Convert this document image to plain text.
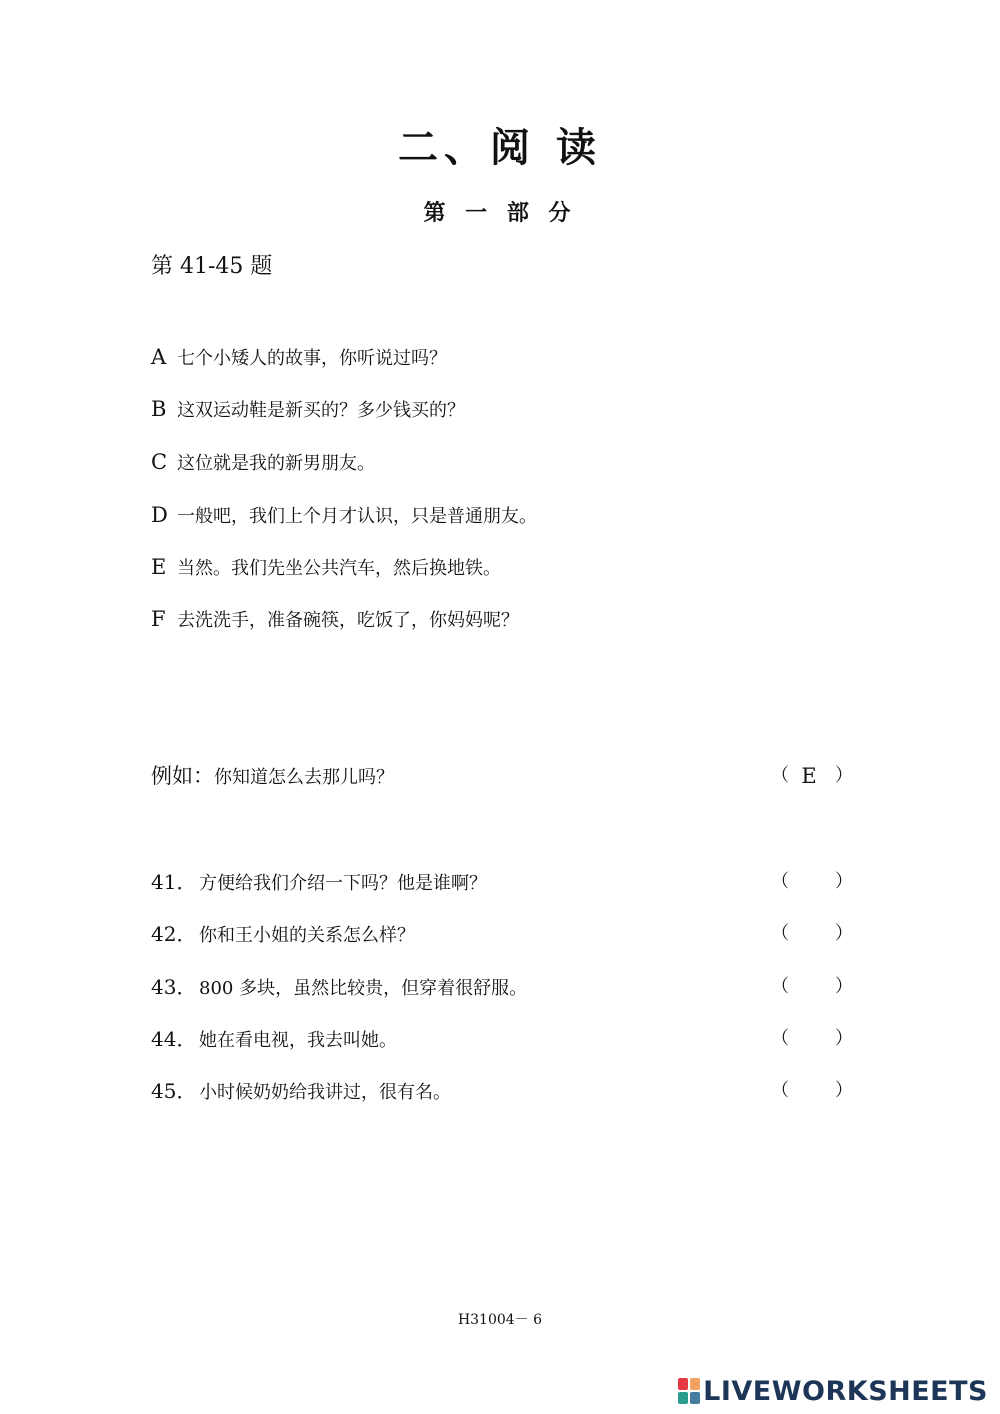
二、阅 读
第 一 部 分
第 41-45 题
A 七个小矮人的故事，你听说过吗？
B 这双运动鞋是新买的？多少钱买的？
C 这位就是我的新男朋友。
D 一般吧，我们上个月才认识，只是普通朋友。
E 当然。我们先坐公共汽车，然后换地铁。
F 去洗洗手，准备碗筷，吃饭了，你妈妈呢？
例如：你知道怎么去那儿吗？	（ E	）
41． 方便给我们介绍一下吗？他是谁啊？	（	）
42． 你和王小姐的关系怎么样？	（	）
43． 800 多块，虽然比较贵，但穿着很舒服。	（	）
44． 她在看电视，我去叫她。	（	）
45． 小时候奶奶给我讲过，很有名。	（	）
H31004－ 6
LIVEWORKSHEETS
